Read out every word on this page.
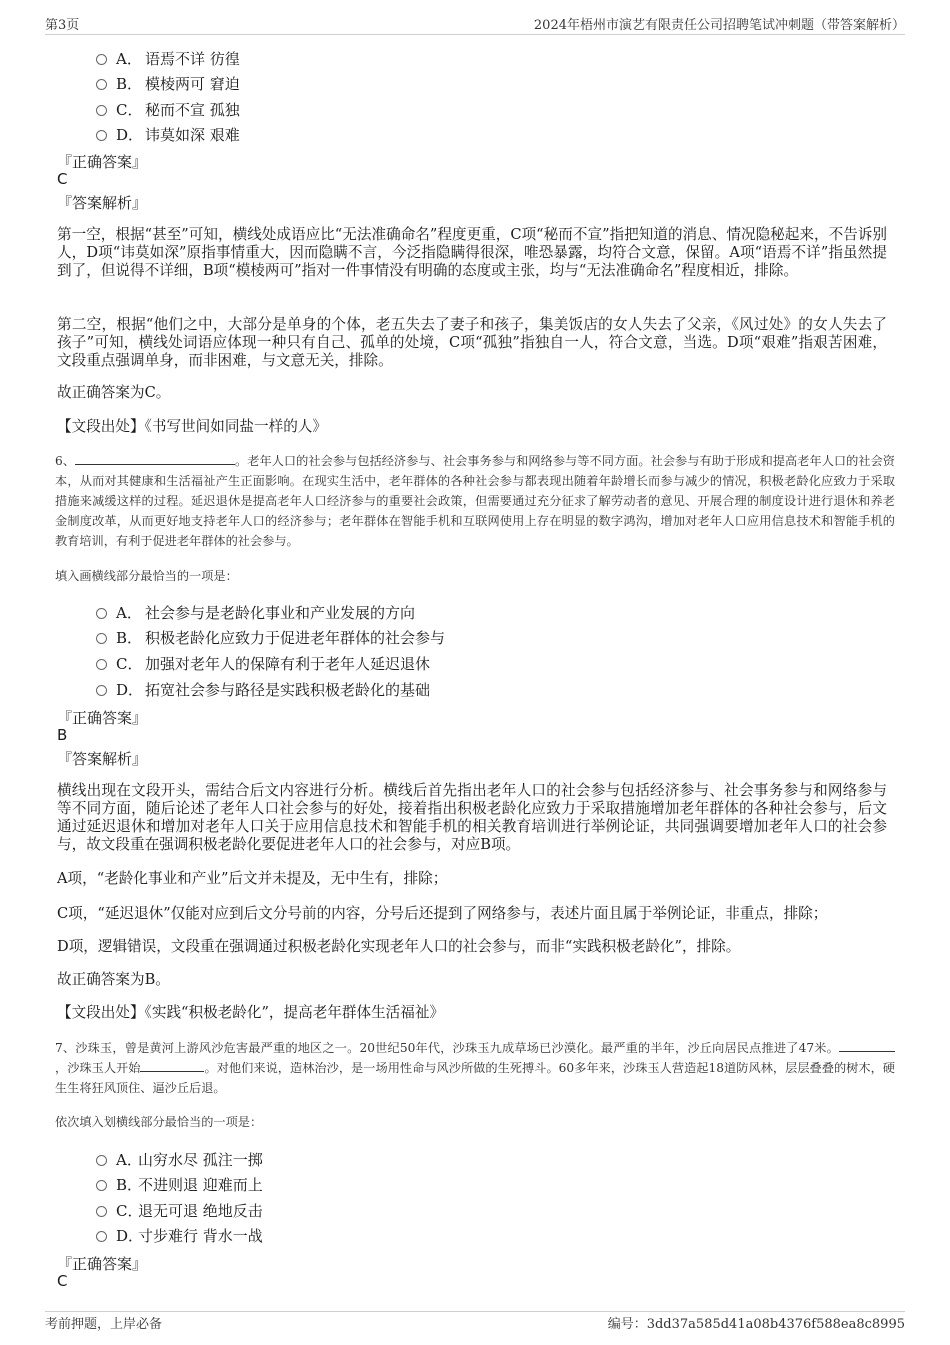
第3页	2024年梧州市演艺有限责任公司招聘笔试冲刺题（带答案解析）
A． 语焉不详 彷徨
B． 模棱两可 窘迫
C． 秘而不宣 孤独
D． 讳莫如深 艰难
『正确答案』
C
『答案解析』
第一空，根据“甚至”可知，横线处成语应比“无法准确命名”程度更重，C项“秘而不宣”指把知道的消息、情况隐秘起来，不告诉别人，D项“讳莫如深”原指事情重大，因而隐瞒不言，今泛指隐瞒得很深，唯恐暴露，均符合文意，保留。A项“语焉不详”指虽然提到了，但说得不详细，B项“模棱两可”指对一件事情没有明确的态度或主张，均与“无法准确命名”程度相近，排除。
第二空，根据“他们之中，大部分是单身的个体，老五失去了妻子和孩子，集美饭店的女人失去了父亲，《风过处》的女人失去了孩子”可知，横线处词语应体现一种只有自己、孤单的处境，C项“孤独”指独自一人，符合文意，当选。D项“艰难”指艰苦困难，文段重点强调单身，而非困难，与文意无关，排除。
故正确答案为C。
【文段出处】《书写世间如同盐一样的人》
6、	。老年人口的社会参与包括经济参与、社会事务参与和网络参与等不同方面。社会参与有助于形成和提高老年人口的社会资本，从而对其健康和生活福祉产生正面影响。在现实生活中，老年群体的各种社会参与都表现出随着年龄增长而参与减少的情况，积极老龄化应致力于采取措施来减缓这样的过程。延迟退休是提高老年人口经济参与的重要社会政策，但需要通过充分征求了解劳动者的意见、开展合理的制度设计进行退休和养老金制度改革，从而更好地支持老年人口的经济参与；老年群体在智能手机和互联网使用上存在明显的数字鸿沟，增加对老年人口应用信息技术和智能手机的教育培训，有利于促进老年群体的社会参与。
填入画横线部分最恰当的一项是：
A． 社会参与是老龄化事业和产业发展的方向
B． 积极老龄化应致力于促进老年群体的社会参与
C． 加强对老年人的保障有利于老年人延迟退休
D． 拓宽社会参与路径是实践积极老龄化的基础
『正确答案』
B
『答案解析』
横线出现在文段开头，需结合后文内容进行分析。横线后首先指出老年人口的社会参与包括经济参与、社会事务参与和网络参与等不同方面，随后论述了老年人口社会参与的好处，接着指出积极老龄化应致力于采取措施增加老年群体的各种社会参与，后文通过延迟退休和增加对老年人口关于应用信息技术和智能手机的相关教育培训进行举例论证，共同强调要增加老年人口的社会参与，故文段重在强调积极老龄化要促进老年人口的社会参与，对应B项。
A项，“老龄化事业和产业”后文并未提及，无中生有，排除；
C项，“延迟退休”仅能对应到后文分号前的内容，分号后还提到了网络参与，表述片面且属于举例论证，非重点，排除；
D项，逻辑错误，文段重在强调通过积极老龄化实现老年人口的社会参与，而非“实践积极老龄化”，排除。
故正确答案为B。
【文段出处】《实践“积极老龄化”，提高老年群体生活福祉》
7、沙珠玉，曾是黄河上游风沙危害最严重的地区之一。20世纪50年代，沙珠玉九成草场已沙漠化。最严重的半年，沙丘向居民点推进了47米。，沙珠玉人开始	。对他们来说，造林治沙，是一场用性命与风沙所做的生死搏斗。60多年来，沙珠玉人营造起18道防风林，层层叠叠的树木，硬生生将狂风顶住、逼沙丘后退。
依次填入划横线部分最恰当的一项是：
A．山穷水尽 孤注一掷
B．不进则退 迎难而上
C．退无可退 绝地反击
D．寸步难行 背水一战
『正确答案』
C
考前押题，上岸必备	编号：3dd37a585d41a08b4376f588ea8c8995
